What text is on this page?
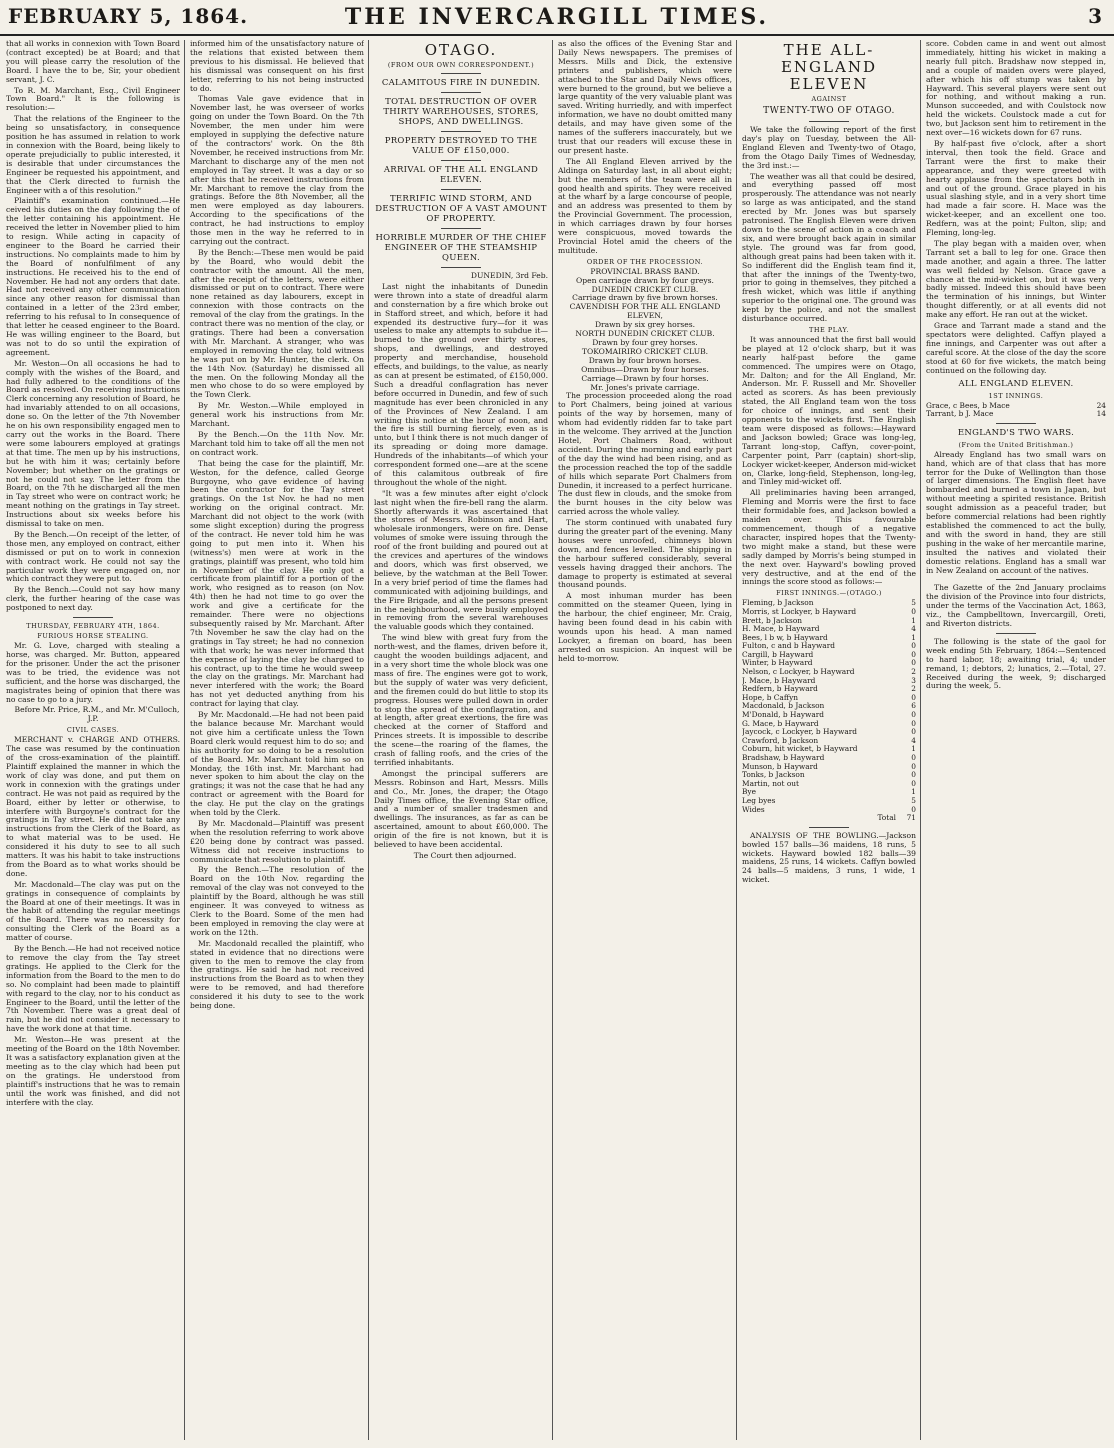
FEBRUARY 5, 1864.	THE INVERCARGILL TIMES.	3

that all works in connexion with Town Board (contract excepted) be at Board; and that you will please carry the resolution of the Board. I have the to be, Sir, your obedient servant, J. C.

To R. M. Marchant, Esq., Civil Engineer Town Board." It is the following is resolution:—

That the relations of the Engineer to the being so unsatisfactory, in consequence position he has assumed in relation to work in connexion with the Board, being likely to operate prejudicially to public interested, it is desirable that under circumstances the Engineer be requested his appointment, and that the Clerk directed to furnish the Engineer with a of this resolution."

Plaintiff's examination continued.—He ceived his duties on the day following the of the letter containing his appointment. He received the letter in November plied to him to resign. While acting in capacity of engineer to the Board he carried their instructions. No complaints made to him by the Board of nonfulfilment of any instructions. He received his to the end of November. He had not any orders that date. Had not received any other communication since any other reason for dismissal than contained in a letter of the 23rd ember, referring to his refusal to In consequence of that letter he ceased engineer to the Board. He was willing engineer to the Board, but was not to do so until the expiration of agreement.

Mr. Weston—On all occasions he had to comply with the wishes of the Board, and had fully adhered to the conditions of the Board as resolved. On receiving instructions Clerk concerning any resolution of Board, he had invariably attended to on all occasions, done so. On the letter of the 7th November he on his own responsibility engaged men to carry out the works in the Board. There were some labourers employed at gratings at that time. The men up by his instructions, but he with him it was; certainly before November; but whether on the gratings or not he could not say. The letter from the Board, on the 7th he discharged all the men in Tay street who were on contract work; he meant nothing on the gratings in Tay street. Instructions about six weeks before his dismissal to take on men.

By the Bench.—On receipt of the letter, of those men, any employed on contract, either dismissed or put on to work in connexion with contract work. He could not say the particular work they were engaged on, nor which contract they were put to.

By the Bench.—Could not say how many clerk, the further hearing of the case was postponed to next day.

THURSDAY, FEBRUARY 4TH, 1864.
FURIOUS HORSE STEALING.

Mr. G. Love, charged with stealing a horse, was charged. Mr. Button, appeared for the prisoner. Under the act the prisoner was to be tried, the evidence was not sufficient, and the horse was discharged, the magistrates being of opinion that there was no case to go to a jury.

Before Mr. Price, R.M., and Mr. M'Culloch, J.P.

CIVIL CASES.

MERCHANT v. CHARGE AND OTHERS. The case was resumed by the continuation of the cross-examination of the plaintiff. Plaintiff explained the manner in which the work of clay was done, and put them on work in connexion with the gratings under contract. He was not paid as required by the Board, either by letter or otherwise, to interfere with Burgoyne's contract for the gratings in Tay street. He did not take any instructions from the Clerk of the Board, as to what material was to be used. He considered it his duty to see to all such matters. It was his habit to take instructions from the Board as to what works should be done.

Mr. Macdonald—The clay was put on the gratings in consequence of complaints by the Board at one of their meetings. It was in the habit of attending the regular meetings of the Board. There was no necessity for consulting the Clerk of the Board as a matter of course.

By the Bench.—He had not received notice to remove the clay from the Tay street gratings. He applied to the Clerk for the information from the Board to the men to do so. No complaint had been made to plaintiff with regard to the clay, nor to his conduct as Engineer to the Board, until the letter of the 7th November. There was a great deal of rain, but he did not consider it necessary to have the work done at that time.

Mr. Weston—He was present at the meeting of the Board on the 18th November. It was a satisfactory explanation given at the meeting as to the clay which had been put on the gratings. He understood from plaintiff's instructions that he was to remain until the work was finished, and did not interfere with the clay.

informed him of the unsatisfactory nature of the relations that existed between them previous to his dismissal. He believed that his dismissal was consequent on his first letter, referring to his not being instructed to do.

Thomas Vale gave evidence that in November last, he was overseer of works going on under the Town Board. On the 7th November, the men under him were employed in supplying the defective nature of the contractors' work. On the 8th November, he received instructions from Mr. Marchant to discharge any of the men not employed in Tay street. It was a day or so after this that he received instructions from Mr. Marchant to remove the clay from the gratings. Before the 8th November, all the men were employed as day labourers. According to the specifications of the contract, he had instructions to employ those men in the way he referred to in carrying out the contract.

By the Bench:—These men would be paid by the Board, who would debit the contractor with the amount. All the men, after the receipt of the letters, were either dismissed or put on to contract. There were none retained as day labourers, except in connexion with those contracts on the removal of the clay from the gratings. In the contract there was no mention of the clay, or gratings. There had been a conversation with Mr. Marchant. A stranger, who was employed in removing the clay, told witness he was put on by Mr. Hunter, the clerk. On the 14th Nov. (Saturday) he dismissed all the men. On the following Monday all the men who chose to do so were employed by the Town Clerk.

By Mr. Weston.—While employed in general work his instructions from Mr. Marchant.

By the Bench.—On the 11th Nov. Mr. Marchant told him to take off all the men not on contract work.

That being the case for the plaintiff, Mr. Weston, for the defence, called George Burgoyne, who gave evidence of having been the contractor for the Tay street gratings. On the 1st Nov. he had no men working on the original contract. Mr. Marchant did not object to the work (with some slight exception) during the progress of the contract. He never told him he was going to put men into it. When his (witness's) men were at work in the gratings, plaintiff was present, who told him in November of the clay. He only got a certificate from plaintiff for a portion of the work, who resigned as to reason (on Nov. 4th) then he had not time to go over the work and give a certificate for the remainder. There were no objections subsequently raised by Mr. Marchant. After 7th November he saw the clay had on the gratings in Tay street; he had no connexion with that work; he was never informed that the expense of laying the clay be charged to his contract, up to the time he would sweep the clay on the gratings. Mr. Marchant had never interfered with the work; the Board has not yet deducted anything from his contract for laying that clay.

By Mr. Macdonald.—He had not been paid the balance because Mr. Marchant would not give him a certificate unless the Town Board clerk would request him to do so; and his authority for so doing to be a resolution of the Board. Mr. Marchant told him so on Monday, the 16th inst. Mr. Marchant had never spoken to him about the clay on the gratings; it was not the case that he had any contract or agreement with the Board for the clay. He put the clay on the gratings when told by the Clerk.

By Mr. Macdonald—Plaintiff was present when the resolution referring to work above £20 being done by contract was passed. Witness did not receive instructions to communicate that resolution to plaintiff.

By the Bench.—The resolution of the Board on the 10th Nov. regarding the removal of the clay was not conveyed to the plaintiff by the Board, although he was still engineer. It was conveyed to witness as Clerk to the Board. Some of the men had been employed in removing the clay were at work on the 12th.

Mr. Macdonald recalled the plaintiff, who stated in evidence that no directions were given to the men to remove the clay from the gratings. He said he had not received instructions from the Board as to when they were to be removed, and had therefore considered it his duty to see to the work being done.

OTAGO.
(FROM OUR OWN CORRESPONDENT.)
CALAMITOUS FIRE IN DUNEDIN.
TOTAL DESTRUCTION OF OVER THIRTY WAREHOUSES, STORES, SHOPS, AND DWELLINGS.
PROPERTY DESTROYED TO THE VALUE OF £150,000.
ARRIVAL OF THE ALL ENGLAND ELEVEN.
TERRIFIC WIND STORM, AND DESTRUCTION OF A VAST AMOUNT OF PROPERTY.
HORRIBLE MURDER OF THE CHIEF ENGINEER OF THE STEAMSHIP QUEEN.

DUNEDIN, 3rd Feb.

Last night the inhabitants of Dunedin were thrown into a state of dreadful alarm and consternation by a fire which broke out in Stafford street, and which, before it had expended its destructive fury—for it was useless to make any attempts to subdue it—burned to the ground over thirty stores, shops, and dwellings, and destroyed property and merchandise, household effects, and buildings, to the value, as nearly as can at present be estimated, of £150,000. Such a dreadful conflagration has never before occurred in Dunedin, and few of such magnitude has ever been chronicled in any of the Provinces of New Zealand. I am writing this notice at the hour of noon, and the fire is still burning fiercely, even as is unto, but I think there is not much danger of its spreading or doing more damage. Hundreds of the inhabitants—of which your correspondent formed one—are at the scene of this calamitous outbreak of fire throughout the whole of the night.

"It was a few minutes after eight o'clock last night when the fire-bell rang the alarm. Shortly afterwards it was ascertained that the stores of Messrs. Robinson and Hart, wholesale ironmongers, were on fire. Dense volumes of smoke were issuing through the roof of the front building and poured out at the crevices and apertures of the windows and doors, which was first observed, we believe, by the watchman at the Bell Tower. In a very brief period of time the flames had communicated with adjoining buildings, and the Fire Brigade, and all the persons present in the neighbourhood, were busily employed in removing from the several warehouses the valuable goods which they contained.

The wind blew with great fury from the north-west, and the flames, driven before it, caught the wooden buildings adjacent, and in a very short time the whole block was one mass of fire. The engines were got to work, but the supply of water was very deficient, and the firemen could do but little to stop its progress. Houses were pulled down in order to stop the spread of the conflagration, and at length, after great exertions, the fire was checked at the corner of Stafford and Princes streets. It is impossible to describe the scene—the roaring of the flames, the crash of falling roofs, and the cries of the terrified inhabitants.

Amongst the principal sufferers are Messrs. Robinson and Hart, Messrs. Mills and Co., Mr. Jones, the draper; the Otago Daily Times office, the Evening Star office, and a number of smaller tradesmen and dwellings. The insurances, as far as can be ascertained, amount to about £60,000. The origin of the fire is not known, but it is believed to have been accidental.

The Court then adjourned.

as also the offices of the Evening Star and Daily News newspapers. The premises of Messrs. Mills and Dick, the extensive printers and publishers, which were attached to the Star and Daily News offices, were burned to the ground, but we believe a large quantity of the very valuable plant was saved. Writing hurriedly, and with imperfect information, we have no doubt omitted many details, and may have given some of the names of the sufferers inaccurately, but we trust that our readers will excuse these in our present haste.

The All England Eleven arrived by the Aldinga on Saturday last, in all about eight; but the members of the team were all in good health and spirits. They were received at the wharf by a large concourse of people, and an address was presented to them by the Provincial Government. The procession, in which carriages drawn by four horses were conspicuous, moved towards the Provincial Hotel amid the cheers of the multitude.

ORDER OF THE PROCESSION.
PROVINCIAL BRASS BAND.
Open carriage drawn by four greys.
DUNEDIN CRICKET CLUB.
Carriage drawn by five brown horses.
CAVENDISH FOR THE ALL ENGLAND ELEVEN,
Drawn by six grey horses.
NORTH DUNEDIN CRICKET CLUB.
Drawn by four grey horses.
TOKOMAIRIRO CRICKET CLUB.
Drawn by four brown horses.
Omnibus—Drawn by four horses.
Carriage—Drawn by four horses.
Mr. Jones's private carriage.

The procession proceeded along the road to Port Chalmers, being joined at various points of the way by horsemen, many of whom had evidently ridden far to take part in the welcome. They arrived at the Junction Hotel, Port Chalmers Road, without accident. During the morning and early part of the day the wind had been rising, and as the procession reached the top of the saddle of hills which separate Port Chalmers from Dunedin, it increased to a perfect hurricane. The dust flew in clouds, and the smoke from the burnt houses in the city below was carried across the whole valley.

The storm continued with unabated fury during the greater part of the evening. Many houses were unroofed, chimneys blown down, and fences levelled. The shipping in the harbour suffered considerably, several vessels having dragged their anchors. The damage to property is estimated at several thousand pounds.

A most inhuman murder has been committed on the steamer Queen, lying in the harbour, the chief engineer, Mr. Craig, having been found dead in his cabin with wounds upon his head. A man named Lockyer, a fireman on board, has been arrested on suspicion. An inquest will be held to-morrow.

THE ALL-ENGLAND ELEVEN
AGAINST
TWENTY-TWO OF OTAGO.

We take the following report of the first day's play on Tuesday, between the All-England Eleven and Twenty-two of Otago, from the Otago Daily Times of Wednesday, the 3rd inst.:—

The weather was all that could be desired, and everything passed off most prosperously. The attendance was not nearly so large as was anticipated, and the stand erected by Mr. Jones was but sparsely patronised. The English Eleven were driven down to the scene of action in a coach and six, and were brought back again in similar style. The ground was far from good, although great pains had been taken with it. So indifferent did the English team find it, that after the innings of the Twenty-two, prior to going in themselves, they pitched a fresh wicket, which was little if anything superior to the original one. The ground was kept by the police, and not the smallest disturbance occurred.

THE PLAY.

It was announced that the first ball would be played at 12 o'clock sharp, but it was nearly half-past before the game commenced. The umpires were on Otago, Mr. Dalton; and for the All England, Mr. Anderson. Mr. F. Russell and Mr. Shoveller acted as scorers. As has been previously stated, the All England team won the toss for choice of innings, and sent their opponents to the wickets first. The English team were disposed as follows:—Hayward and Jackson bowled; Grace was long-leg, Tarrant long-stop, Caffyn, cover-point, Carpenter point, Parr (captain) short-slip, Lockyer wicket-keeper, Anderson mid-wicket on, Clarke, long-field, Stephenson, long-leg, and Tinley mid-wicket off.

All preliminaries having been arranged, Fleming and Morris were the first to face their formidable foes, and Jackson bowled a maiden over. This favourable commencement, though of a negative character, inspired hopes that the Twenty-two might make a stand, but these were sadly damped by Morris's being stumped in the next over. Hayward's bowling proved very destructive, and at the end of the innings the score stood as follows:—

FIRST INNINGS.—(OTAGO.)
Fleming, b Jackson	5
Morris, st Lockyer, b Hayward	0
Brett, b Jackson	1
H. Mace, b Hayward	4
Bees, l b w, b Hayward	1
Fulton, c and b Hayward	0
Cargill, b Hayward	0
Winter, b Hayward	0
Nelson, c Lockyer, b Hayward	2
J. Mace, b Hayward	3
Redfern, b Hayward	2
Hope, b Caffyn	0
Macdonald, b Jackson	6
M'Donald, b Hayward	0
G. Mace, b Hayward	0
Jaycock, c Lockyer, b Hayward	0
Crawford, b Jackson	4
Coburn, hit wicket, b Hayward	1
Bradshaw, b Hayward	0
Munson, b Hayward	0
Tonks, b Jackson	0
Martin, not out	0
Bye	1
Leg byes	5
Wides	0
Total	71

ANALYSIS OF THE BOWLING.—Jackson bowled 157 balls—36 maidens, 18 runs, 5 wickets. Hayward bowled 182 balls—39 maidens, 25 runs, 14 wickets. Caffyn bowled 24 balls—5 maidens, 3 runs, 1 wide, 1 wicket.

score. Cobden came in and went out almost immediately, hitting his wicket in making a nearly full pitch. Bradshaw now stepped in, and a couple of maiden overs were played, after which his off stump was taken by Hayward. This several players were sent out for nothing, and without making a run. Munson succeeded, and with Coulstock now held the wickets. Coulstock made a cut for two, but Jackson sent him to retirement in the next over—16 wickets down for 67 runs.

By half-past five o'clock, after a short interval, then took the field. Grace and Tarrant were the first to make their appearance, and they were greeted with hearty applause from the spectators both in and out of the ground. Grace played in his usual slashing style, and in a very short time had made a fair score. H. Mace was the wicket-keeper, and an excellent one too. Redfern, was at the point; Fulton, slip; and Fleming, long-leg.

The play began with a maiden over, when Tarrant set a ball to leg for one. Grace then made another, and again a three. The latter was well fielded by Nelson. Grace gave a chance at the mid-wicket on, but it was very badly missed. Indeed this should have been the termination of his innings, but Winter thought differently, or at all events did not make any effort. He ran out at the wicket.

Grace and Tarrant made a stand and the spectators were delighted. Caffyn played a fine innings, and Carpenter was out after a careful score. At the close of the day the score stood at 60 for five wickets, the match being continued on the following day.

ALL ENGLAND ELEVEN.
1ST INNINGS.
Grace, c Bees, b Mace	24
Tarrant, b J. Mace	14
ENGLAND'S TWO WARS.
(From the United Britishman.)

Already England has two small wars on hand, which are of that class that has more terror for the Duke of Wellington than those of larger dimensions. The English fleet have bombarded and burned a town in Japan, but without meeting a spirited resistance. British sought admission as a peaceful trader, but before commercial relations had been rightly established the commenced to act the bully, and with the sword in hand, they are still pushing in the wake of her mercantile marine, insulted the natives and violated their domestic relations. England has a small war in New Zealand on account of the natives.

The Gazette of the 2nd January proclaims the division of the Province into four districts, under the terms of the Vaccination Act, 1863, viz., the Campbelltown, Invercargill, Oreti, and Riverton districts.

The following is the state of the gaol for week ending 5th February, 1864:—Sentenced to hard labor, 18; awaiting trial, 4; under remand, 1; debtors, 2; lunatics, 2.—Total, 27. Received during the week, 9; discharged during the week, 5.
